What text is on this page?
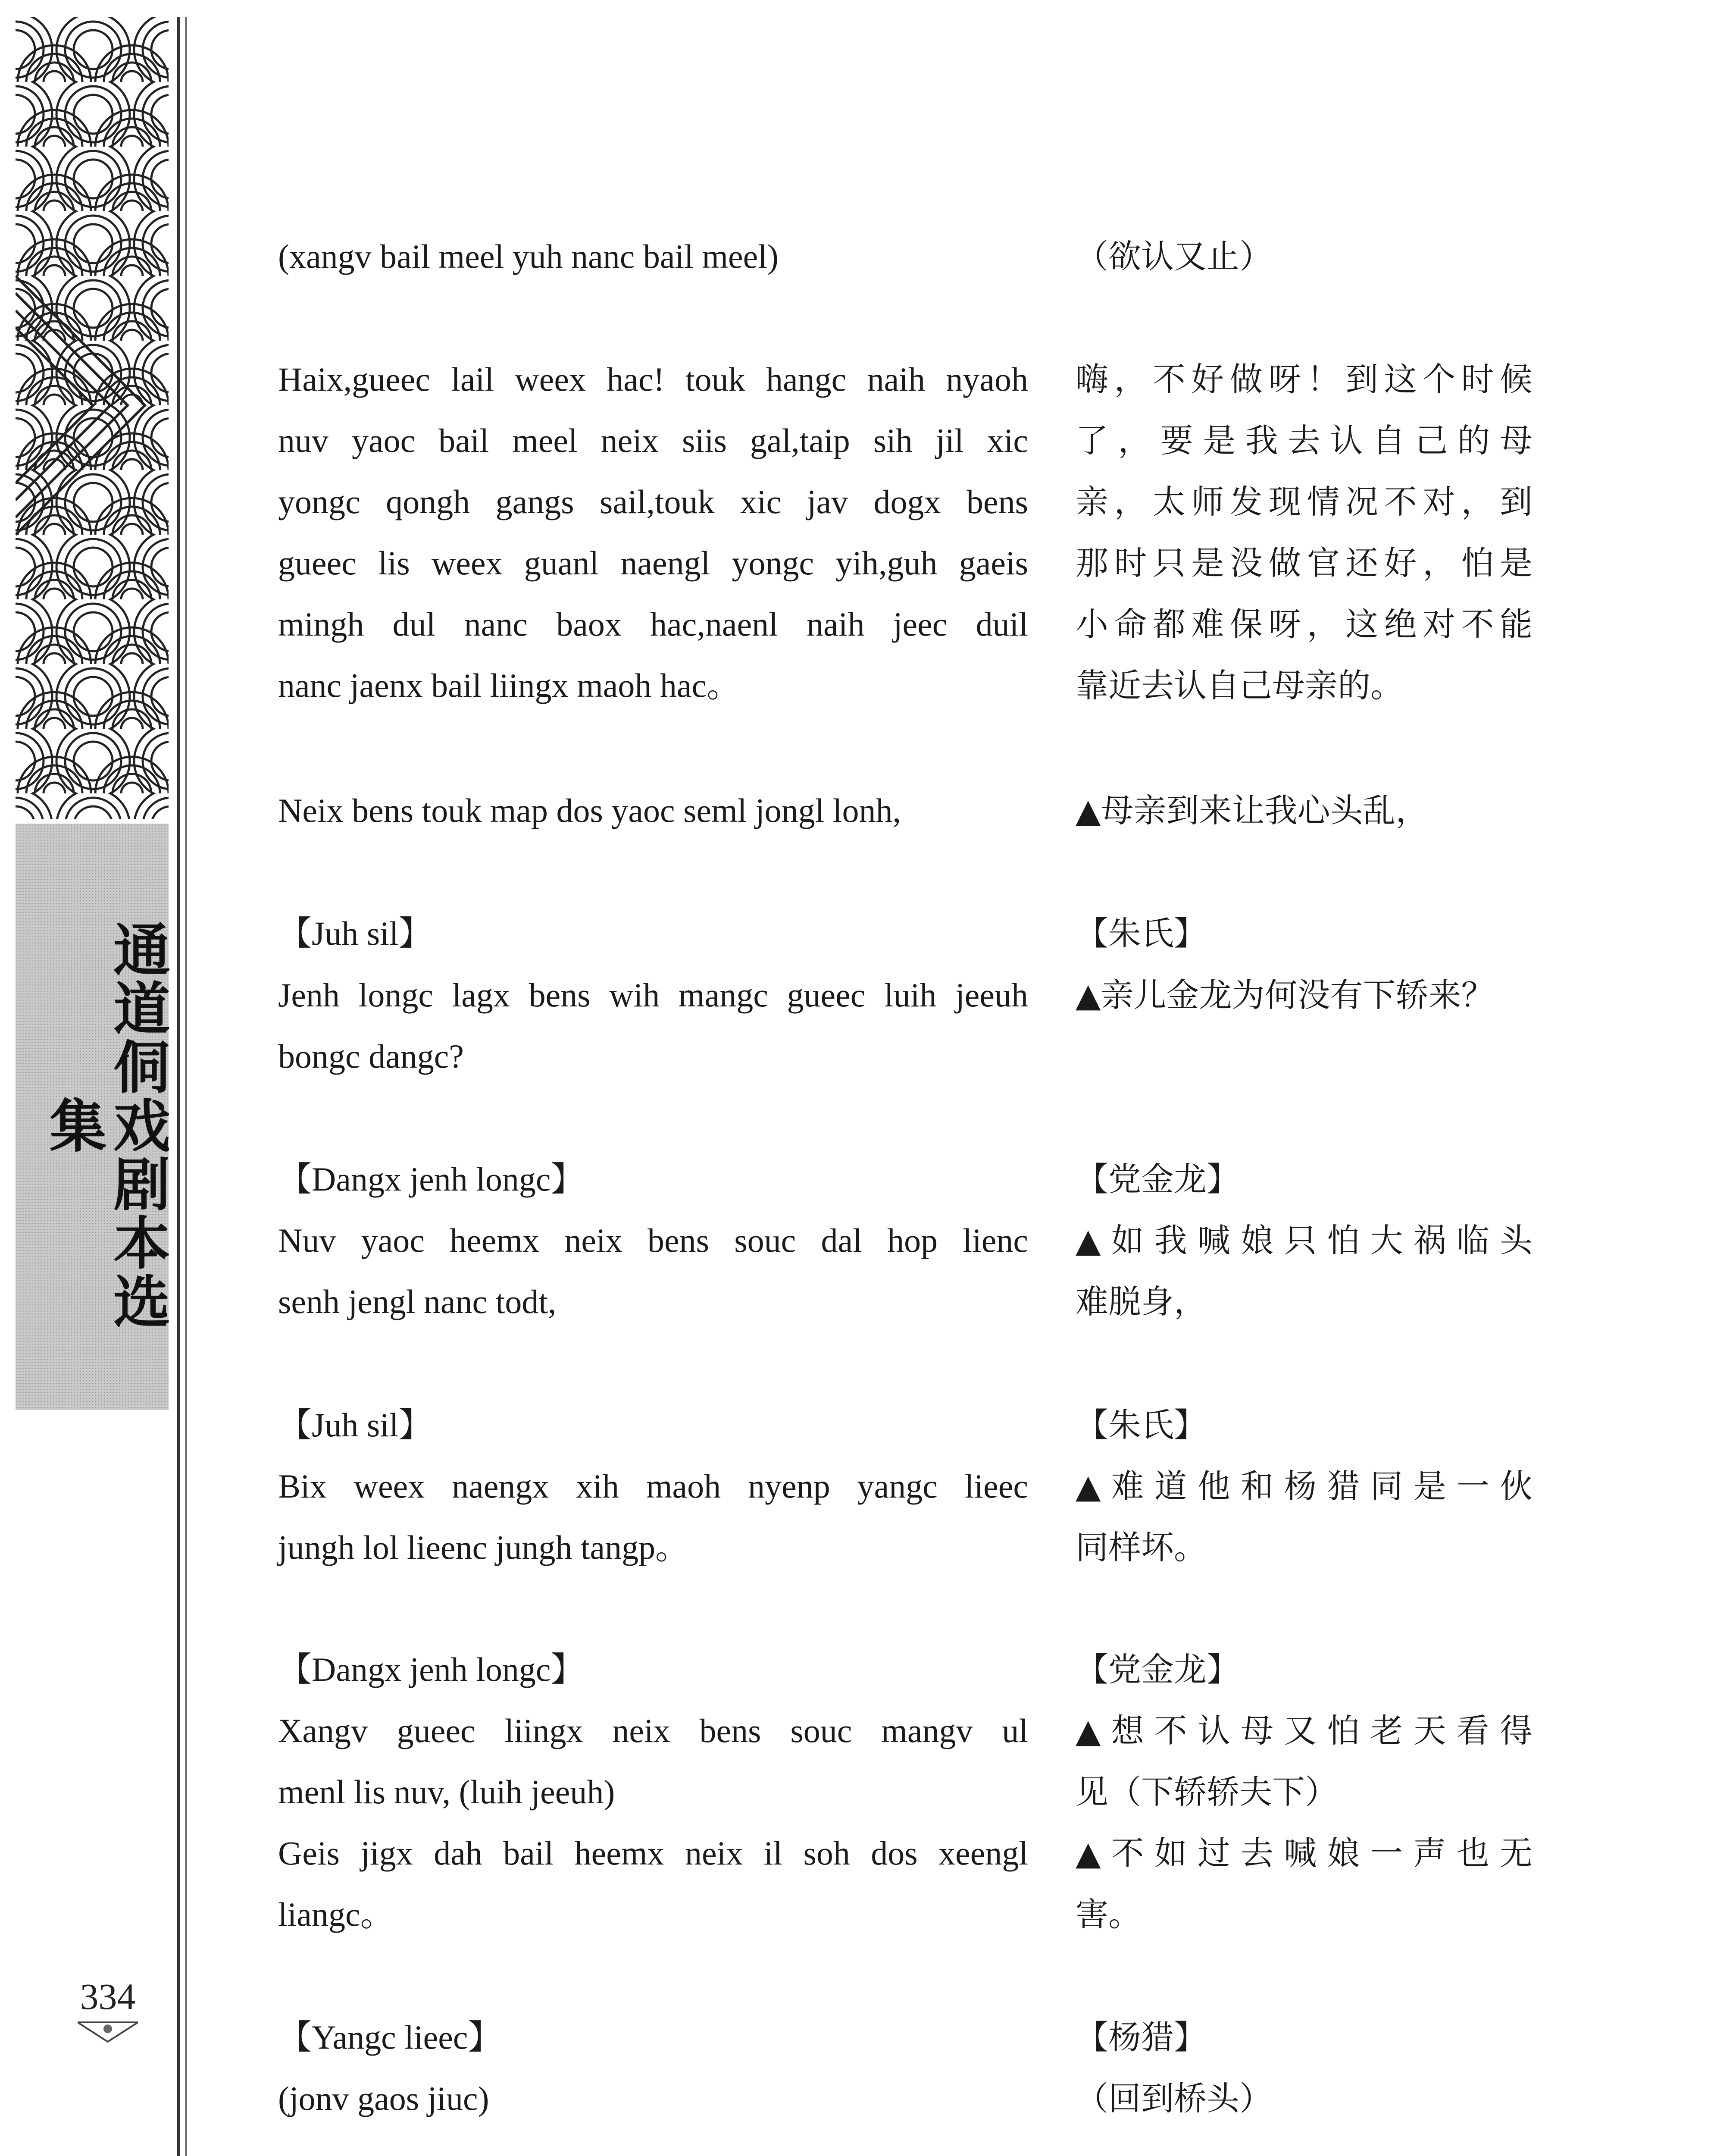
通道侗戏剧本选集
334
(xangv bail meel yuh nanc bail meel)
Haix,gueec lail weex hac! touk hangc naih nyaoh
nuv yaoc bail meel neix siis gal,taip sih jil xic
yongc qongh gangs sail,touk xic jav dogx bens
gueec lis weex guanl naengl yongc yih,guh gaeis
mingh dul nanc baox hac,naenl naih jeec duil
nanc jaenx bail liingx maoh hac。
Neix bens touk map dos yaoc seml jongl lonh,
【Juh sil】
Jenh longc lagx bens wih mangc gueec luih jeeuh
bongc dangc?
【Dangx jenh longc】
Nuv yaoc heemx neix bens souc dal hop lienc
senh jengl nanc todt,
【Juh sil】
Bix weex naengx xih maoh nyenp yangc lieec
jungh lol lieenc jungh tangp。
【Dangx jenh longc】
Xangv gueec liingx neix bens souc mangv ul
menl lis nuv, (luih jeeuh)
Geis jigx dah bail heemx neix il soh dos xeengl
liangc。
【Yangc lieec】
(jonv gaos jiuc)
（欲认又止）
嗨，不好做呀！到这个时候
了，要是我去认自己的母
亲，太师发现情况不对，到
那时只是没做官还好，怕是
小命都难保呀，这绝对不能
靠近去认自己母亲的。
▲母亲到来让我心头乱，
【朱氏】
▲亲儿金龙为何没有下轿来？
【党金龙】
▲如我喊娘只怕大祸临头
难脱身，
【朱氏】
▲难道他和杨猎同是一伙
同样坏。
【党金龙】
▲想不认母又怕老天看得
见（下轿轿夫下）
▲不如过去喊娘一声也无
害。
【杨猎】
（回到桥头）
